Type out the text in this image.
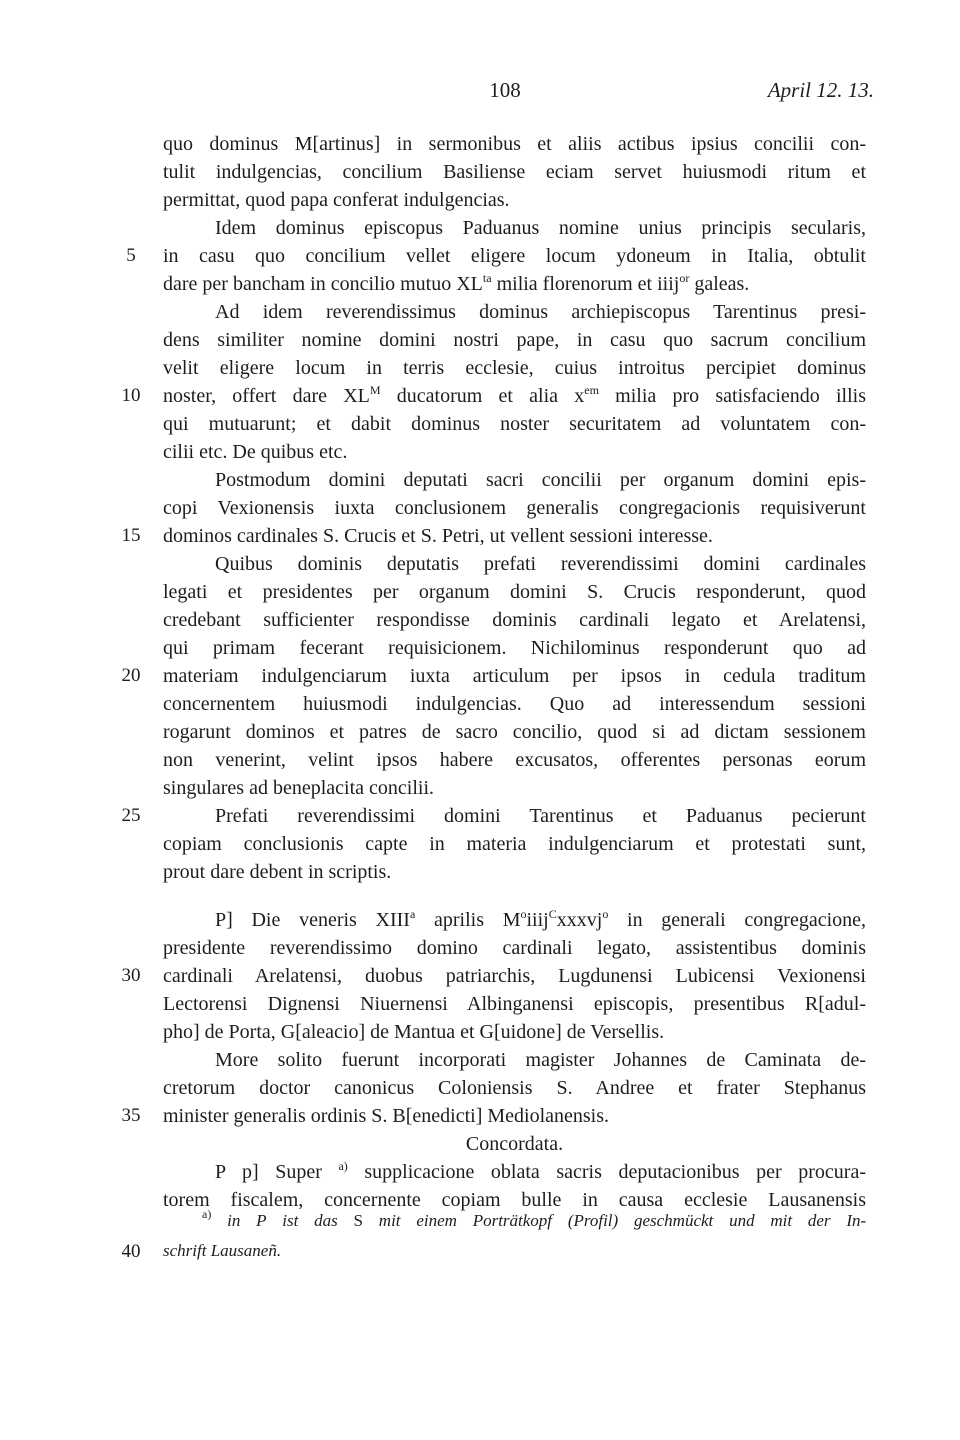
108	April 12. 13.
quo dominus M[artinus] in sermonibus et aliis actibus ipsius concilii con-
tulit indulgencias, concilium Basiliense eciam servet huiusmodi ritum et
permittat, quod papa conferat indulgencias.
Idem dominus episcopus Paduanus nomine unius principis secularis,
in casu quo concilium vellet eligere locum ydoneum in Italia, obtulit
dare per bancham in concilio mutuo $XL^{ta}$ milia florenorum et iiij$^{or}$ galeas.
Ad idem reverendissimus dominus archiepiscopus Tarentinus presi-
dens similiter nomine domini nostri pape, in casu quo sacrum concilium
velit eligere locum in terris ecclesie, cuius introitus percipiet dominus
noster, offert dare $XL^M$ ducatorum et alia $x^{em}$ milia pro satisfaciendo illis
qui mutuarunt; et dabit dominus noster securitatem ad voluntatem con-
cilii etc. De quibus etc.
Postmodum domini deputati sacri concilii per organum domini epis-
copi Vexionensis iuxta conclusionem generalis congregacionis requisiverunt
dominos cardinales S. Crucis et S. Petri, ut vellent sessioni interesse.
Quibus dominis deputatis prefati reverendissimi domini cardinales
legati et presidentes per organum domini S. Crucis responderunt, quod
credebant sufficienter respondisse dominis cardinali legato et Arelatensi,
qui primam fecerant requisicionem. Nichilominus responderunt quo ad
materiam indulgenciarum iuxta articulum per ipsos in cedula traditum
concernentem huiusmodi indulgencias. Quo ad interessendum sessioni
rogarunt dominos et patres de sacro concilio, quod si ad dictam sessionem
non venerint, velint ipsos habere excusatos, offerentes personas eorum
singulares ad beneplacita concilii.
Prefati reverendissimi domini Tarentinus et Paduanus pecierunt
copiam conclusionis capte in materia indulgenciarum et protestati sunt,
prout dare debent in scriptis.
P] Die veneris XIII$^a$ aprilis $M^oiiij^Cxxxvj^o$ in generali congregacione,
presidente reverendissimo domino cardinali legato, assistentibus dominis
cardinali Arelatensi, duobus patriarchis, Lugdunensi Lubicensi Vexionensi
Lectorensi Dignensi Niuernensi Albinganensi episcopis, presentibus R[adul-
pho] de Porta, G[aleacio] de Mantua et G[uidone] de Versellis.
More solito fuerunt incorporati magister Johannes de Caminata de-
cretorum doctor canonicus Coloniensis S. Andree et frater Stephanus
minister generalis ordinis S. B[enedicti] Mediolanensis.
Concordata.
P p] Super $^{a)}$ supplicacione oblata sacris deputacionibus per procura-
torem fiscalem, concernente copiam bulle in causa ecclesie Lausanensis
$^{a)}$ in P ist das S mit einem Porträtkopf (Profil) geschmückt und mit der In-
schrift Lausaneñ.
5
10
15
20
25
30
35
40
